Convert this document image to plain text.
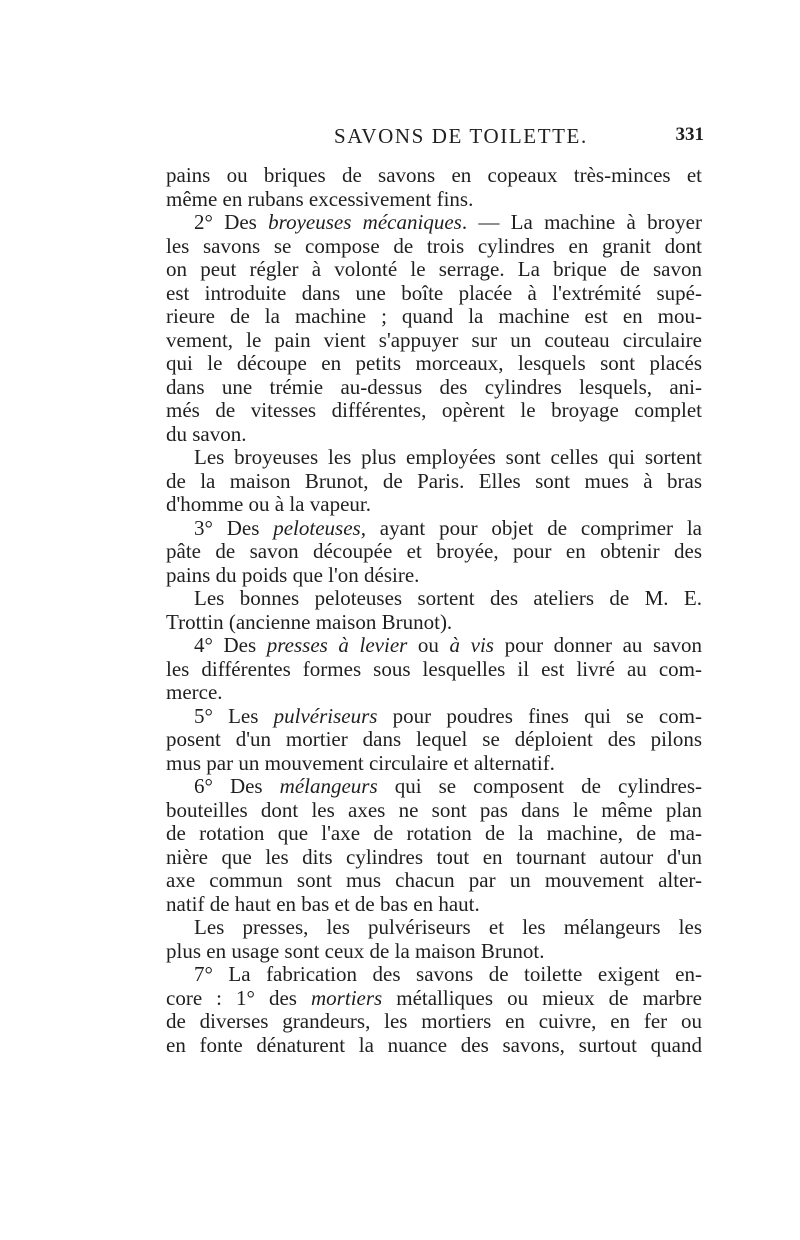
SAVONS DE TOILETTE.	331
pains ou briques de savons en copeaux très-minces et
même en rubans excessivement fins.
2° Des broyeuses mécaniques. — La machine à broyer
les savons se compose de trois cylindres en granit dont
on peut régler à volonté le serrage. La brique de savon
est introduite dans une boîte placée à l'extrémité supé-
rieure de la machine ; quand la machine est en mou-
vement, le pain vient s'appuyer sur un couteau circulaire
qui le découpe en petits morceaux, lesquels sont placés
dans une trémie au-dessus des cylindres lesquels, ani-
més de vitesses différentes, opèrent le broyage complet
du savon.
Les broyeuses les plus employées sont celles qui sortent
de la maison Brunot, de Paris. Elles sont mues à bras
d'homme ou à la vapeur.
3° Des peloteuses, ayant pour objet de comprimer la
pâte de savon découpée et broyée, pour en obtenir des
pains du poids que l'on désire.
Les bonnes peloteuses sortent des ateliers de M. E.
Trottin (ancienne maison Brunot).
4° Des presses à levier ou à vis pour donner au savon
les différentes formes sous lesquelles il est livré au com-
merce.
5° Les pulvériseurs pour poudres fines qui se com-
posent d'un mortier dans lequel se déploient des pilons
mus par un mouvement circulaire et alternatif.
6° Des mélangeurs qui se composent de cylindres-
bouteilles dont les axes ne sont pas dans le même plan
de rotation que l'axe de rotation de la machine, de ma-
nière que les dits cylindres tout en tournant autour d'un
axe commun sont mus chacun par un mouvement alter-
natif de haut en bas et de bas en haut.
Les presses, les pulvériseurs et les mélangeurs les
plus en usage sont ceux de la maison Brunot.
7° La fabrication des savons de toilette exigent en-
core : 1° des mortiers métalliques ou mieux de marbre
de diverses grandeurs, les mortiers en cuivre, en fer ou
en fonte dénaturent la nuance des savons, surtout quand
